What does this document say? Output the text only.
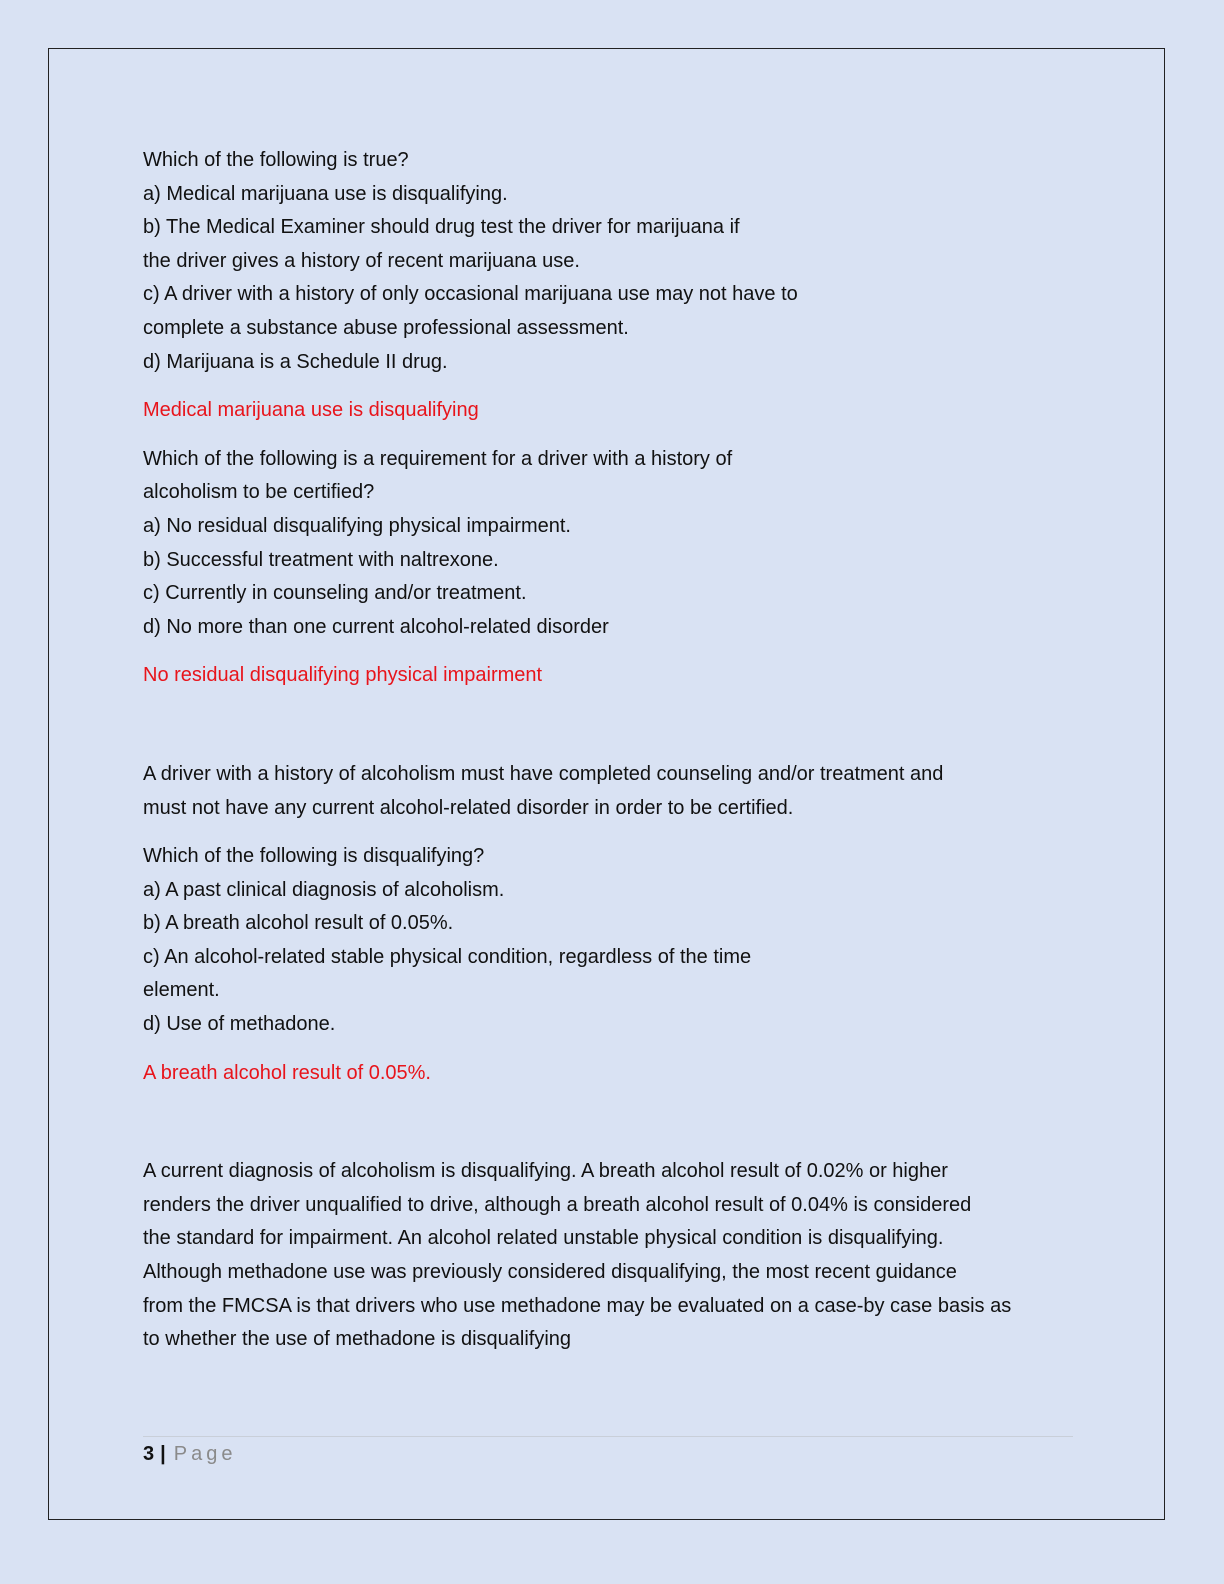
Which of the following is true?
a) Medical marijuana use is disqualifying.
b) The Medical Examiner should drug test the driver for marijuana if
the driver gives a history of recent marijuana use.
c) A driver with a history of only occasional marijuana use may not have to
complete a substance abuse professional assessment.
d) Marijuana is a Schedule II drug.
Medical marijuana use is disqualifying
Which of the following is a requirement for a driver with a history of
alcoholism to be certified?
a) No residual disqualifying physical impairment.
b) Successful treatment with naltrexone.
c) Currently in counseling and/or treatment.
d) No more than one current alcohol-related disorder
No residual disqualifying physical impairment
A driver with a history of alcoholism must have completed counseling and/or treatment and
must not have any current alcohol-related disorder in order to be certified.
Which of the following is disqualifying?
a) A past clinical diagnosis of alcoholism.
b) A breath alcohol result of 0.05%.
c) An alcohol-related stable physical condition, regardless of the time
element.
d) Use of methadone.
A breath alcohol result of 0.05%.
A current diagnosis of alcoholism is disqualifying. A breath alcohol result of 0.02% or higher
renders the driver unqualified to drive, although a breath alcohol result of 0.04% is considered
the standard for impairment. An alcohol related unstable physical condition is disqualifying.
Although methadone use was previously considered disqualifying, the most recent guidance
from the FMCSA is that drivers who use methadone may be evaluated on a case-by case basis as
to whether the use of methadone is disqualifying
3 | Page
